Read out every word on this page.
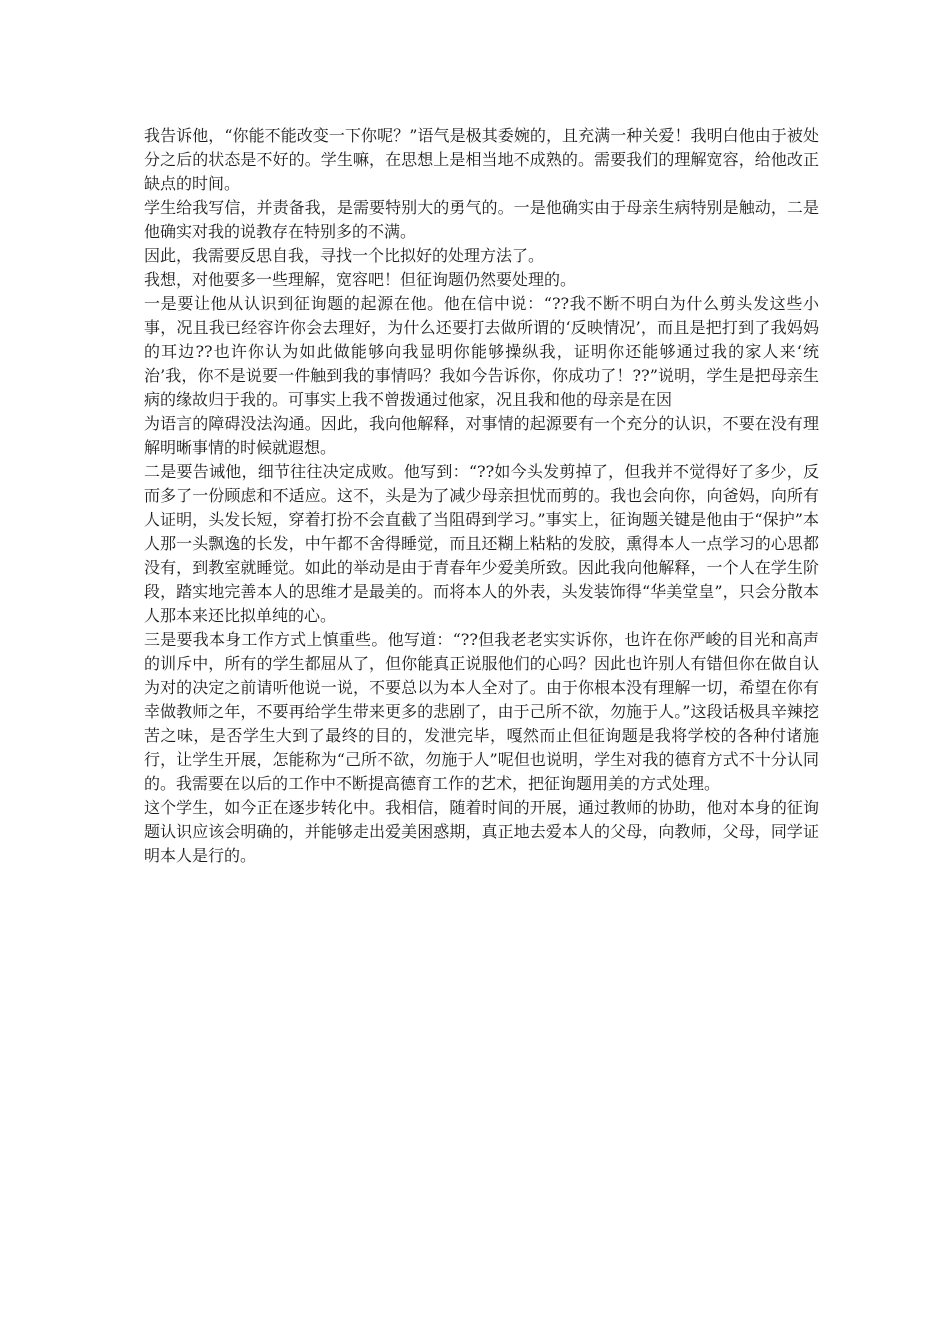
我告诉他，“你能不能改变一下你呢？”语气是极其委婉的，且充满一种关爱！我明白他由于被处分之后的状态是不好的。学生嘛，在思想上是相当地不成熟的。需要我们的理解宽容，给他改正缺点的时间。

学生给我写信，并责备我，是需要特别大的勇气的。一是他确实由于母亲生病特别是触动，二是他确实对我的说教存在特别多的不满。

因此，我需要反思自我，寻找一个比拟好的处理方法了。

我想，对他要多一些理解，宽容吧！但征询题仍然要处理的。

一是要让他从认识到征询题的起源在他。他在信中说：“??我不断不明白为什么剪头发这些小事，况且我已经容许你会去理好，为什么还要打去做所谓的‘反映情况’，而且是把打到了我妈妈的耳边??也许你认为如此做能够向我显明你能够操纵我，证明你还能够通过我的家人来‘统治’我，你不是说要一件触到我的事情吗？我如今告诉你，你成功了！??”说明，学生是把母亲生病的缘故归于我的。可事实上我不曾拨通过他家，况且我和他的母亲是在因

为语言的障碍没法沟通。因此，我向他解释，对事情的起源要有一个充分的认识，不要在没有理解明晰事情的时候就遐想。

二是要告诫他，细节往往决定成败。他写到：“??如今头发剪掉了，但我并不觉得好了多少，反而多了一份顾虑和不适应。这不，头是为了减少母亲担忧而剪的。我也会向你，向爸妈，向所有人证明，头发长短，穿着打扮不会直截了当阻碍到学习。”事实上，征询题关键是他由于“保护”本人那一头飘逸的长发，中午都不舍得睡觉，而且还糊上粘粘的发胶，熏得本人一点学习的心思都没有，到教室就睡觉。如此的举动是由于青春年少爱美所致。因此我向他解释，一个人在学生阶段，踏实地完善本人的思维才是最美的。而将本人的外表，头发装饰得“华美堂皇”，只会分散本人那本来还比拟单纯的心。

三是要我本身工作方式上慎重些。他写道：“??但我老老实实诉你，也许在你严峻的目光和高声的训斥中，所有的学生都屈从了，但你能真正说服他们的心吗？因此也许别人有错但你在做自认为对的决定之前请听他说一说，不要总以为本人全对了。由于你根本没有理解一切，希望在你有幸做教师之年，不要再给学生带来更多的悲剧了，由于己所不欲，勿施于人。”这段话极具辛辣挖苦之味，是否学生大到了最终的目的，发泄完毕，嘎然而止但征询题是我将学校的各种付诸施行，让学生开展，怎能称为“己所不欲，勿施于人”呢但也说明，学生对我的德育方式不十分认同的。我需要在以后的工作中不断提高德育工作的艺术，把征询题用美的方式处理。

这个学生，如今正在逐步转化中。我相信，随着时间的开展，通过教师的协助，他对本身的征询题认识应该会明确的，并能够走出爱美困惑期，真正地去爱本人的父母，向教师，父母，同学证明本人是行的。
